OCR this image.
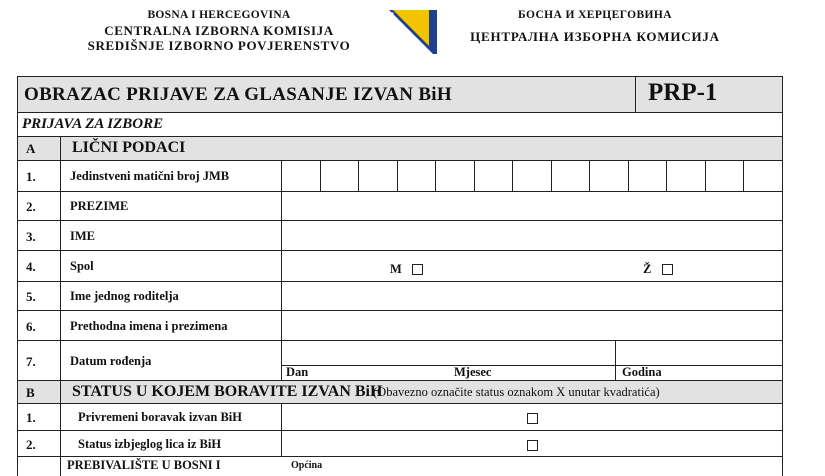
BOSNA I HERCEGOVINA
CENTRALNA IZBORNA KOMISIJA
SREDIŠNJE IZBORNO POVJERENSTVO
БОСНА И ХЕРЦЕГОВИНА
ЦЕНТРАЛНА ИЗБОРНА КОМИСИЈА
OBRAZAC PRIJAVE ZA GLASANJE IZVAN BiH	PRP-1
PRIJAVA ZA IZBORE
A LIČNI PODACI
1.	Jedinstveni matični broj JMB
2.	PREZIME
3.	IME
4.	Spol	M	Ž
5.	Ime jednog roditelja
6.	Prethodna imena i prezimena
7.	Datum rođenja
Dan	Mjesec	Godina
B STATUS U KOJEM BORAVITE IZVAN BiH
(Obavezno označite status oznakom X unutar kvadratića)
1.	Privremeni boravak izvan BiH
2.	Status izbjeglog lica iz BiH
PREBIVALIŠTE U BOSNI I	Općina
